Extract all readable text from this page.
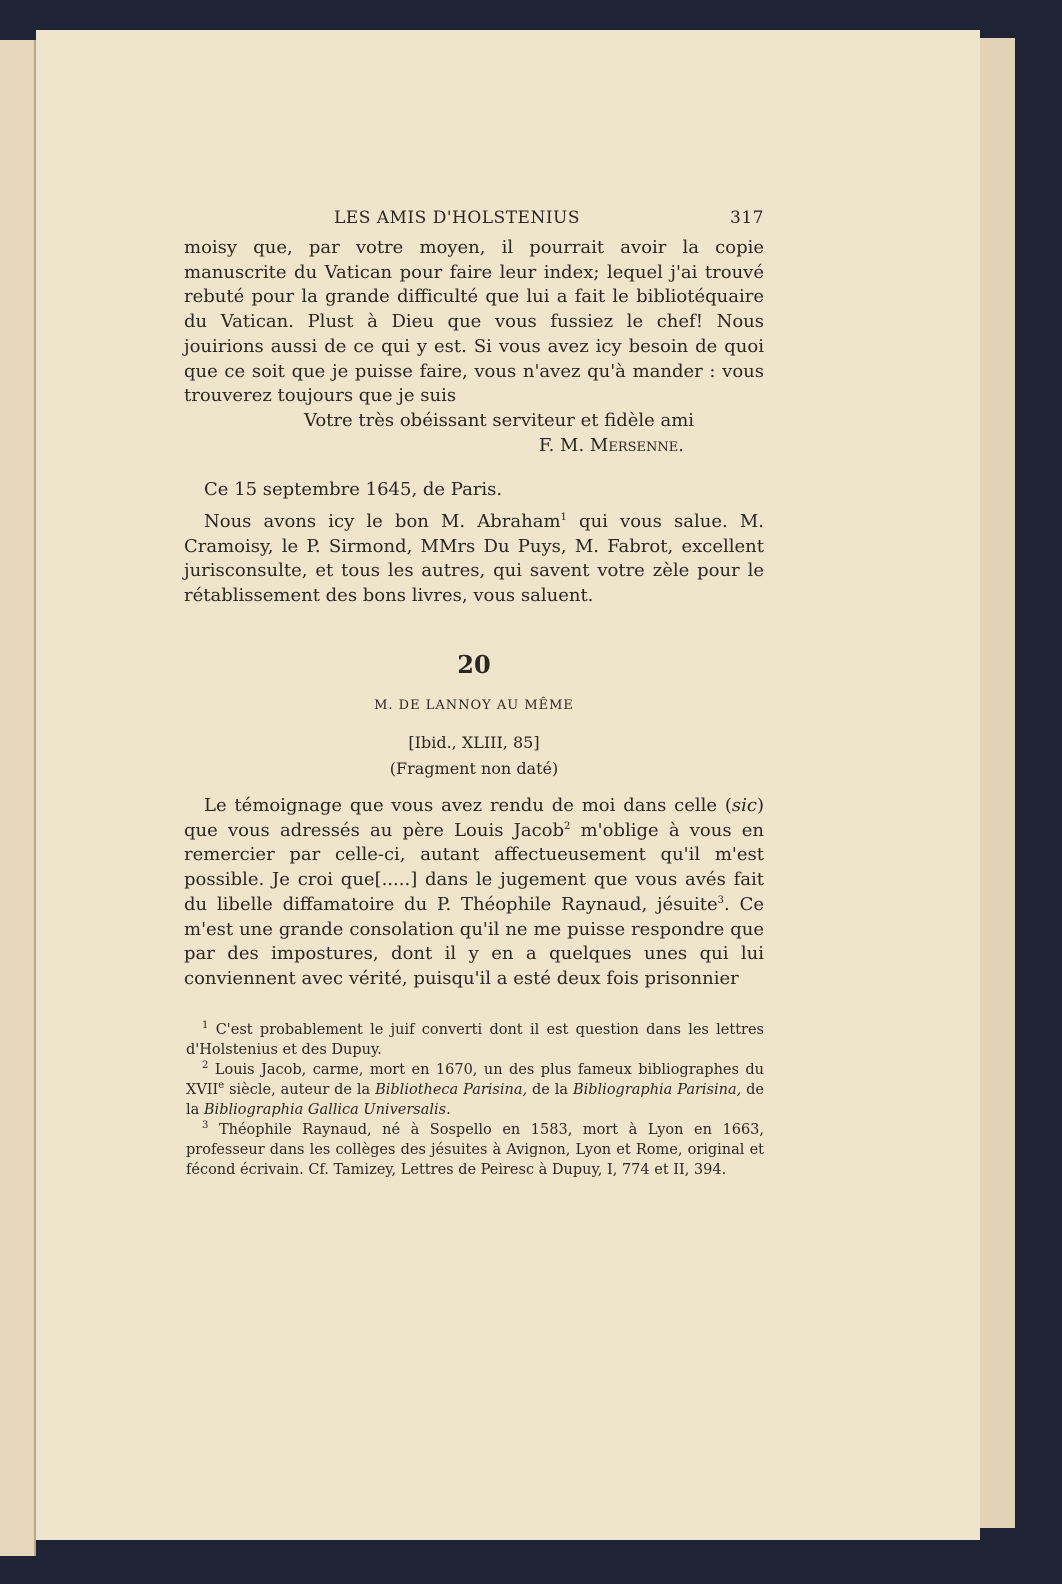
LES AMIS D'HOLSTENIUS	317

moisy que, par votre moyen, il pourrait avoir la copie manuscrite du Vatican pour faire leur index; lequel j'ai trouvé rebuté pour la grande difficulté que lui a fait le bibliotéquaire du Vatican. Plust à Dieu que vous fussiez le chef! Nous jouirions aussi de ce qui y est. Si vous avez icy besoin de quoi que ce soit que je puisse faire, vous n'avez qu'à mander : vous trouverez toujours que je suis

Votre très obéissant serviteur et fidèle ami

F. M. Mersenne.

Ce 15 septembre 1645, de Paris.

Nous avons icy le bon M. Abraham$^1$ qui vous salue. M. Cramoisy, le P. Sirmond, MMrs Du Puys, M. Fabrot, excellent jurisconsulte, et tous les autres, qui savent votre zèle pour le rétablissement des bons livres, vous saluent.

20
M. DE LANNOY AU MÊME
[Ibid., XLIII, 85]
(Fragment non daté)

Le témoignage que vous avez rendu de moi dans celle (sic) que vous adressés au père Louis Jacob$^2$ m'oblige à vous en remercier par celle-ci, autant affectueusement qu'il m'est possible. Je croi que[.....] dans le jugement que vous avés fait du libelle diffamatoire du P. Théophile Raynaud, jésuite$^3$. Ce m'est une grande consolation qu'il ne me puisse respondre que par des impostures, dont il y en a quelques unes qui lui conviennent avec vérité, puisqu'il a esté deux fois prisonnier

$^1$ C'est probablement le juif converti dont il est question dans les lettres d'Holstenius et des Dupuy.

$^2$ Louis Jacob, carme, mort en 1670, un des plus fameux bibliographes du XVIIe siècle, auteur de la Bibliotheca Parisina, de la Bibliographia Parisina, de la Bibliographia Gallica Universalis.

$^3$ Théophile Raynaud, né à Sospello en 1583, mort à Lyon en 1663, professeur dans les collèges des jésuites à Avignon, Lyon et Rome, original et fécond écrivain. Cf. Tamizey, Lettres de Peiresc à Dupuy, I, 774 et II, 394.
